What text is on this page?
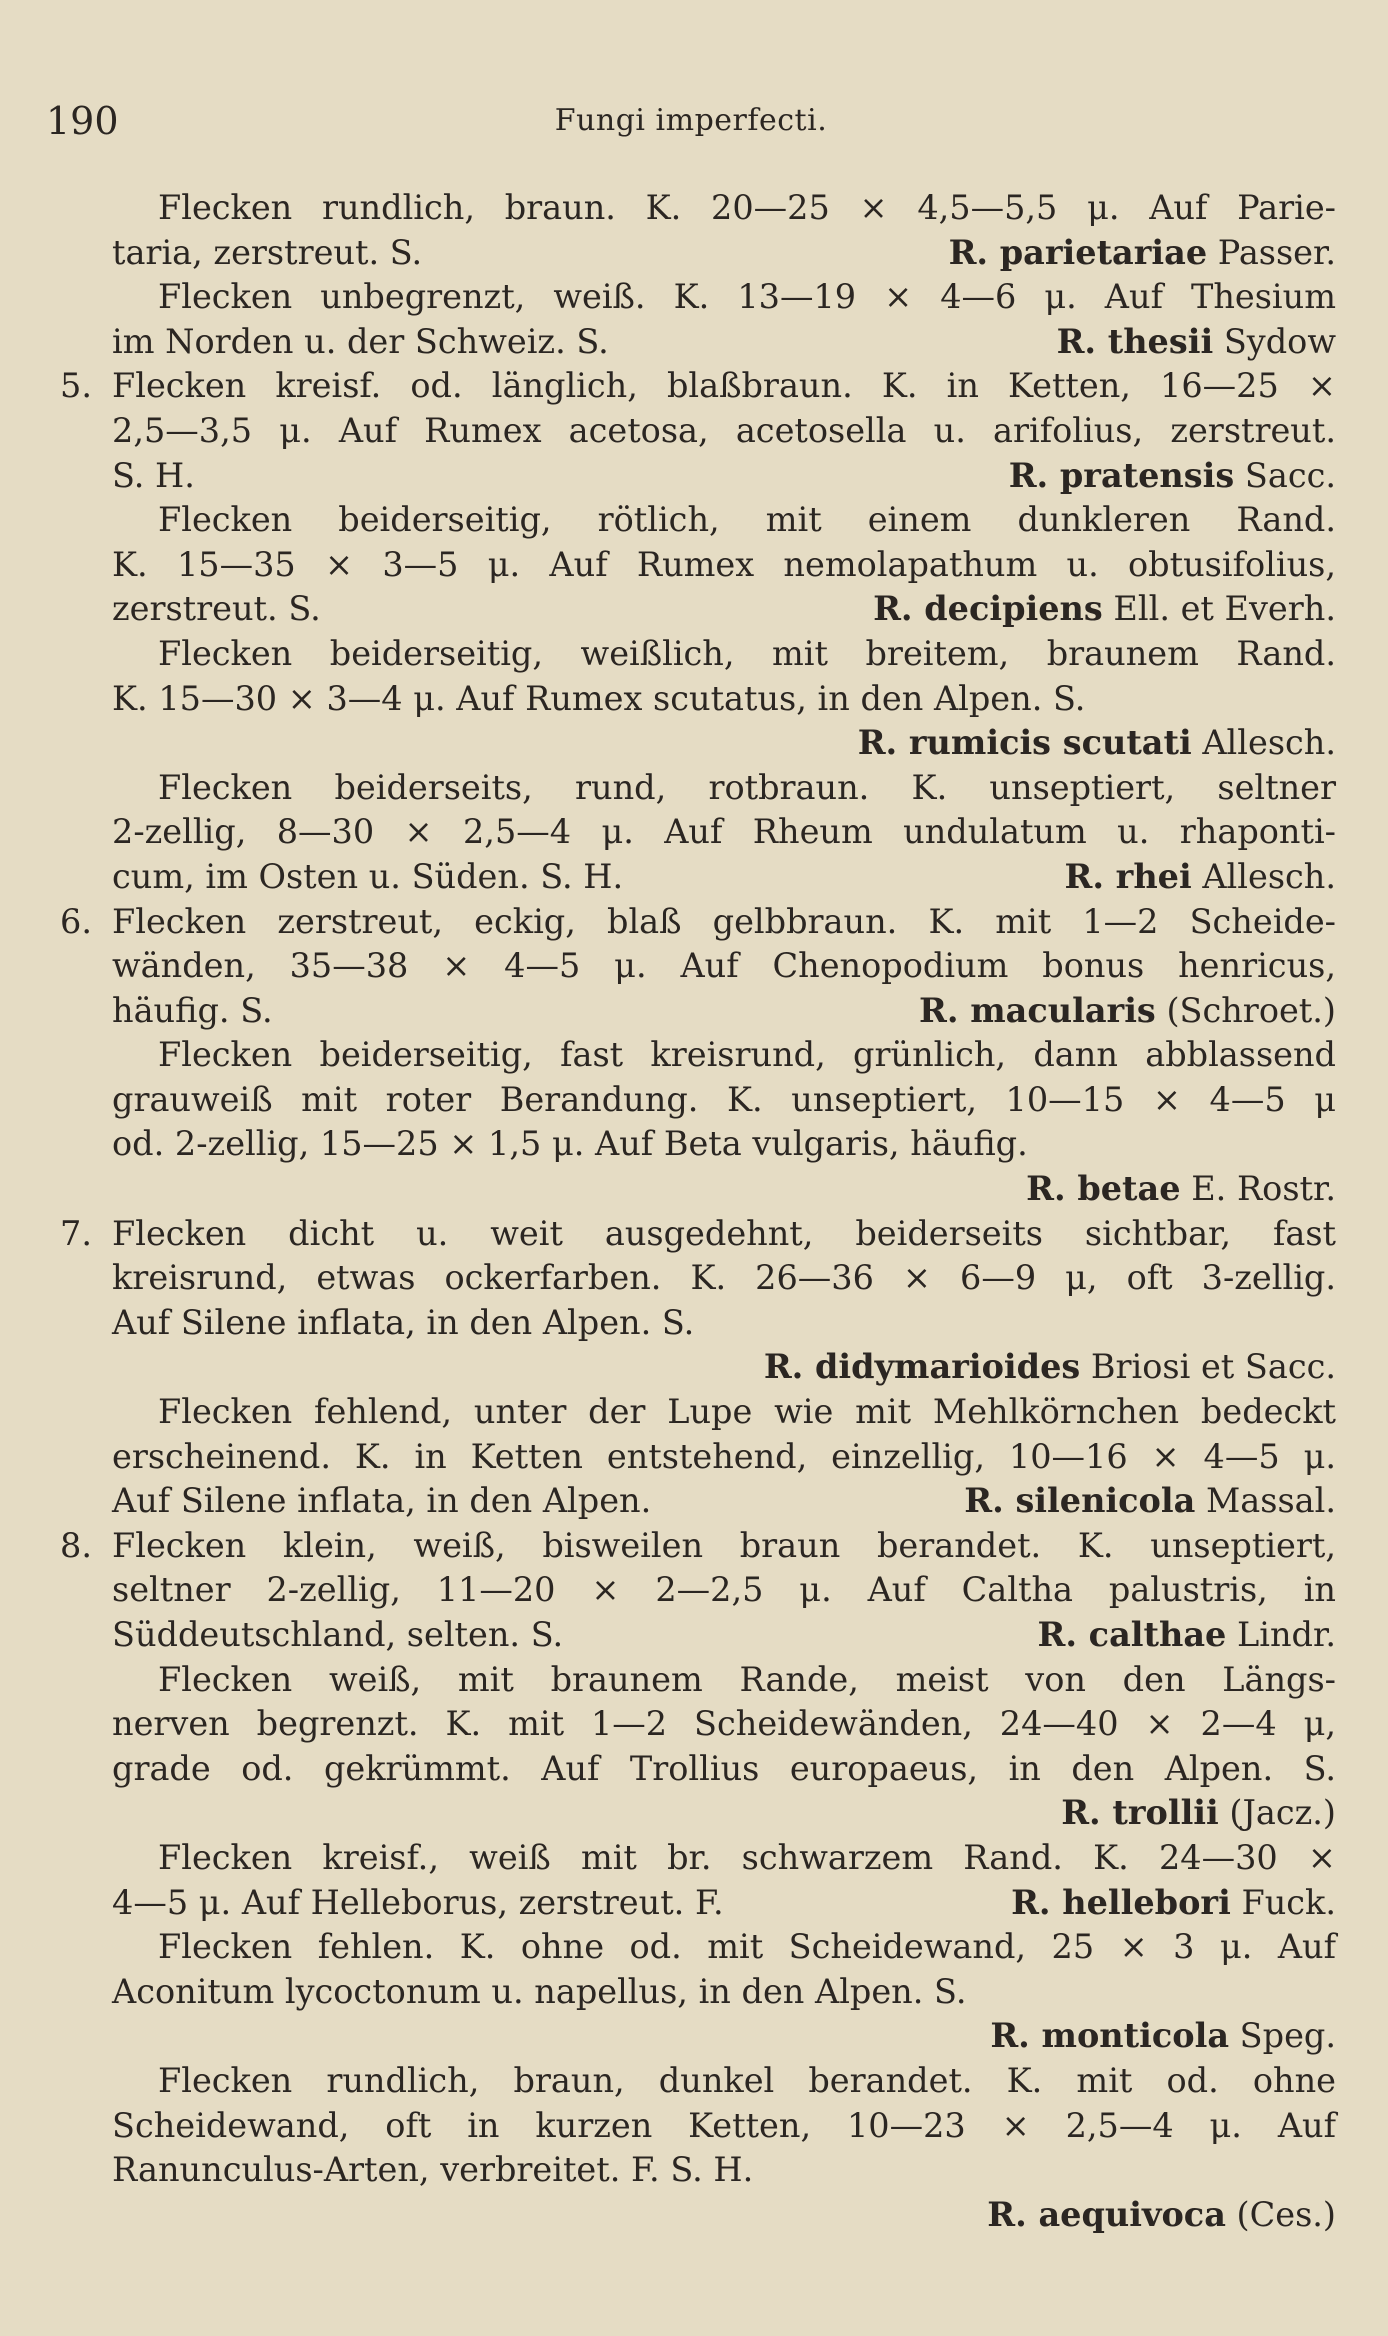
190	Fungi imperfecti.
Flecken rundlich, braun. K. 20—25 × 4,5—5,5 μ. Auf Parie-
taria, zerstreut. S.	R. parietariae Passer.
Flecken unbegrenzt, weiß. K. 13—19 × 4—6 μ. Auf Thesium
im Norden u. der Schweiz. S.	R. thesii Sydow
5. Flecken kreisf. od. länglich, blaßbraun. K. in Ketten, 16—25 ×
2,5—3,5 μ. Auf Rumex acetosa, acetosella u. arifolius, zerstreut.
S. H.	R. pratensis Sacc.
Flecken beiderseitig, rötlich, mit einem dunkleren Rand.
K. 15—35 × 3—5 μ. Auf Rumex nemolapathum u. obtusifolius,
zerstreut. S.	R. decipiens Ell. et Everh.
Flecken beiderseitig, weißlich, mit breitem, braunem Rand.
K. 15—30 × 3—4 μ. Auf Rumex scutatus, in den Alpen. S.
R. rumicis scutati Allesch.
Flecken beiderseits, rund, rotbraun. K. unseptiert, seltner
2-zellig, 8—30 × 2,5—4 μ. Auf Rheum undulatum u. rhaponti-
cum, im Osten u. Süden. S. H.	R. rhei Allesch.
6. Flecken zerstreut, eckig, blaß gelbbraun. K. mit 1—2 Scheide-
wänden, 35—38 × 4—5 μ. Auf Chenopodium bonus henricus,
häufig. S.	R. macularis (Schroet.)
Flecken beiderseitig, fast kreisrund, grünlich, dann abblassend
grauweiß mit roter Berandung. K. unseptiert, 10—15 × 4—5 μ
od. 2-zellig, 15—25 × 1,5 μ. Auf Beta vulgaris, häufig.
R. betae E. Rostr.
7. Flecken dicht u. weit ausgedehnt, beiderseits sichtbar, fast
kreisrund, etwas ockerfarben. K. 26—36 × 6—9 μ, oft 3-zellig.
Auf Silene inflata, in den Alpen. S.
R. didymarioides Briosi et Sacc.
Flecken fehlend, unter der Lupe wie mit Mehlkörnchen bedeckt
erscheinend. K. in Ketten entstehend, einzellig, 10—16 × 4—5 μ.
Auf Silene inflata, in den Alpen.	R. silenicola Massal.
8. Flecken klein, weiß, bisweilen braun berandet. K. unseptiert,
seltner 2-zellig, 11—20 × 2—2,5 μ. Auf Caltha palustris, in
Süddeutschland, selten. S.	R. calthae Lindr.
Flecken weiß, mit braunem Rande, meist von den Längs-
nerven begrenzt. K. mit 1—2 Scheidewänden, 24—40 × 2—4 μ,
grade od. gekrümmt. Auf Trollius europaeus, in den Alpen. S.
R. trollii (Jacz.)
Flecken kreisf., weiß mit br. schwarzem Rand. K. 24—30 ×
4—5 μ. Auf Helleborus, zerstreut. F.	R. hellebori Fuck.
Flecken fehlen. K. ohne od. mit Scheidewand, 25 × 3 μ. Auf
Aconitum lycoctonum u. napellus, in den Alpen. S.
R. monticola Speg.
Flecken rundlich, braun, dunkel berandet. K. mit od. ohne
Scheidewand, oft in kurzen Ketten, 10—23 × 2,5—4 μ. Auf
Ranunculus-Arten, verbreitet. F. S. H.
R. aequivoca (Ces.)
